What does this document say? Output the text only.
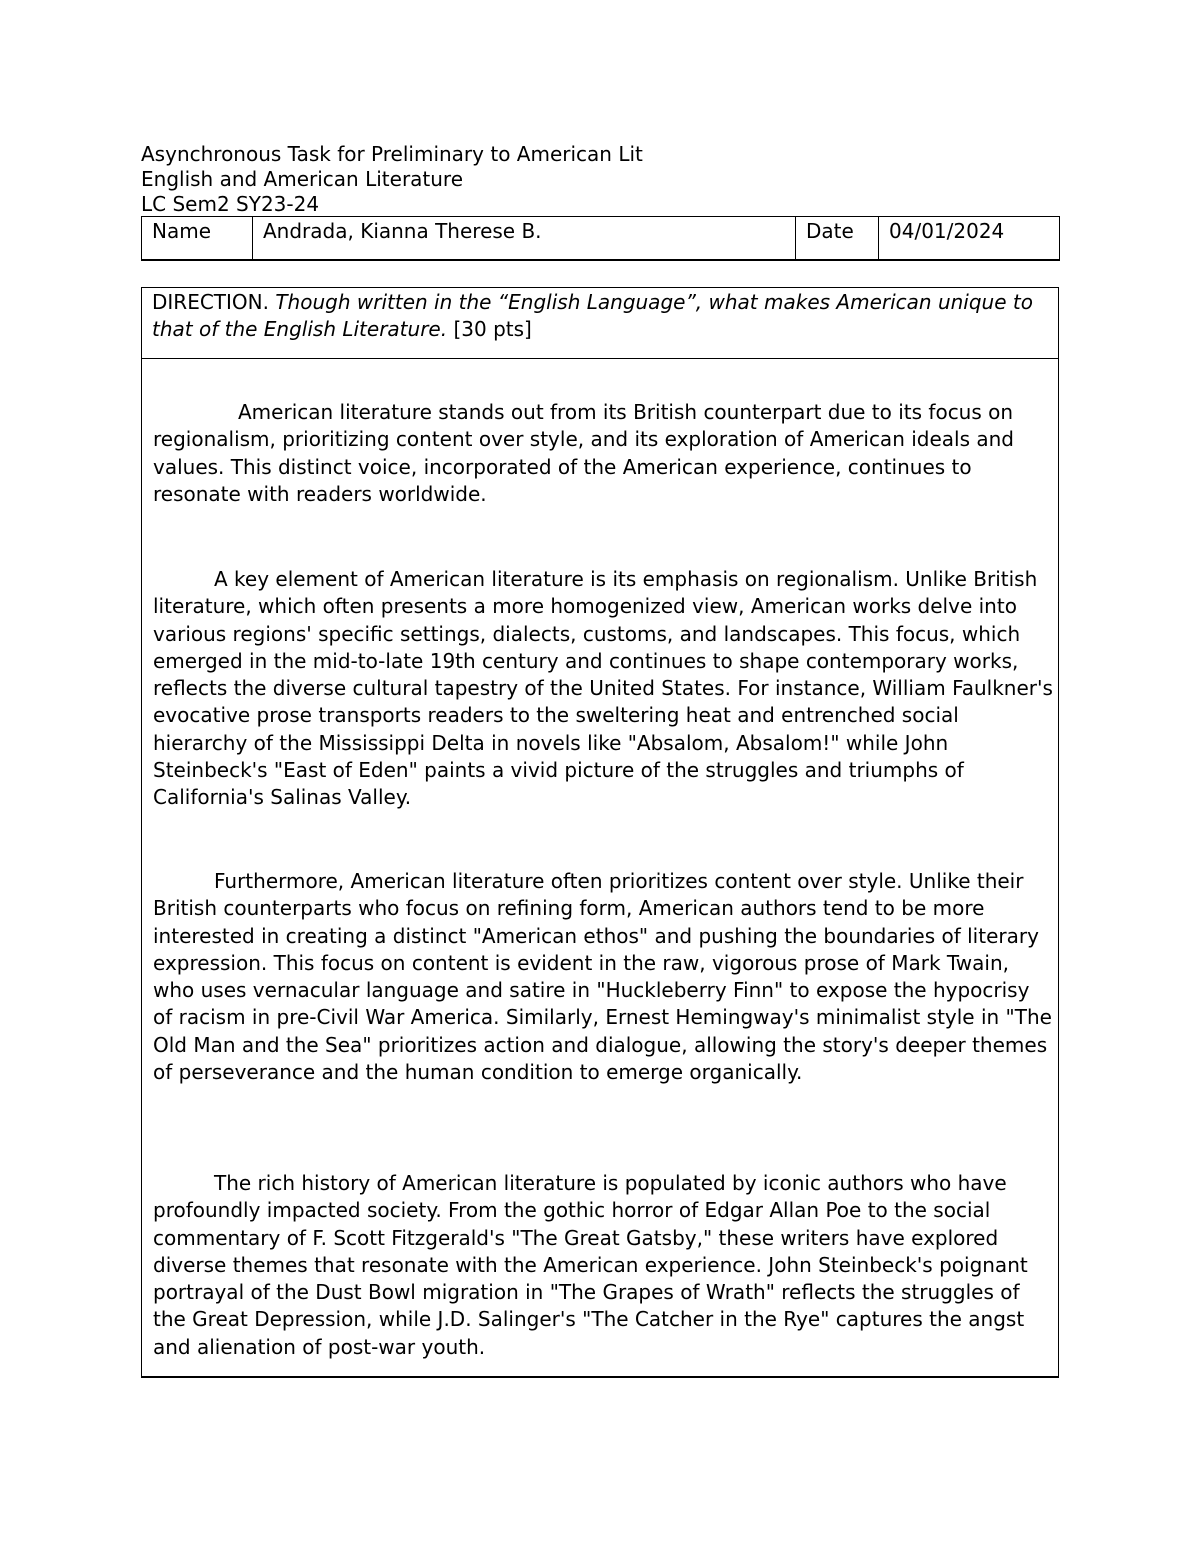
Asynchronous Task for Preliminary to American Lit
English and American Literature
LC Sem2 SY23-24
Name	Andrada, Kianna Therese B.	Date	04/01/2024
DIRECTION. Though written in the “English Language”, what makes American unique to that of the English Literature. [30 pts]

American literature stands out from its British counterpart due to its focus on regionalism, prioritizing content over style, and its exploration of American ideals and values. This distinct voice, incorporated of the American experience, continues to resonate with readers worldwide.

A key element of American literature is its emphasis on regionalism. Unlike British literature, which often presents a more homogenized view, American works delve into various regions' specific settings, dialects, customs, and landscapes. This focus, which emerged in the mid-to-late 19th century and continues to shape contemporary works, reflects the diverse cultural tapestry of the United States. For instance, William Faulkner's evocative prose transports readers to the sweltering heat and entrenched social hierarchy of the Mississippi Delta in novels like "Absalom, Absalom!" while John Steinbeck's "East of Eden" paints a vivid picture of the struggles and triumphs of California's Salinas Valley.

Furthermore, American literature often prioritizes content over style. Unlike their British counterparts who focus on refining form, American authors tend to be more interested in creating a distinct "American ethos" and pushing the boundaries of literary expression. This focus on content is evident in the raw, vigorous prose of Mark Twain, who uses vernacular language and satire in "Huckleberry Finn" to expose the hypocrisy of racism in pre-Civil War America. Similarly, Ernest Hemingway's minimalist style in "The Old Man and the Sea" prioritizes action and dialogue, allowing the story's deeper themes of perseverance and the human condition to emerge organically.

The rich history of American literature is populated by iconic authors who have profoundly impacted society. From the gothic horror of Edgar Allan Poe to the social commentary of F. Scott Fitzgerald's "The Great Gatsby," these writers have explored diverse themes that resonate with the American experience. John Steinbeck's poignant portrayal of the Dust Bowl migration in "The Grapes of Wrath" reflects the struggles of the Great Depression, while J.D. Salinger's "The Catcher in the Rye" captures the angst and alienation of post-war youth.
